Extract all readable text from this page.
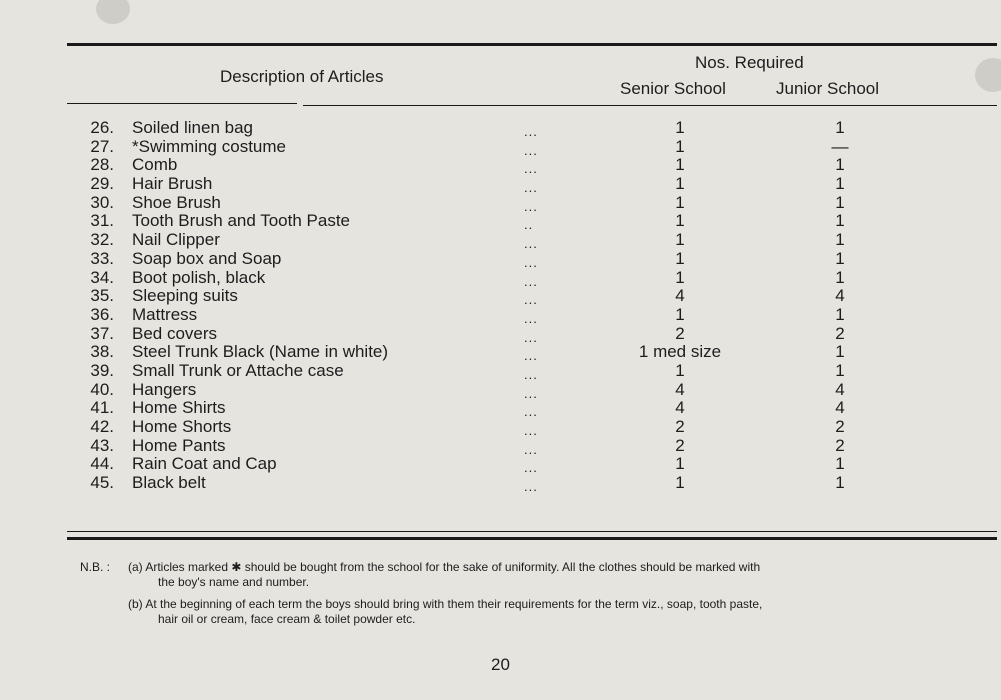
Description of Articles
Nos. Required
Senior School	Junior School
26. Soiled linen bag	...	1	1
27. *Swimming costume	...	1	—
28. Comb	...	1	1
29. Hair Brush	...	1	1
30. Shoe Brush	...	1	1
31. Tooth Brush and Tooth Paste	..	1	1
32. Nail Clipper	...	1	1
33. Soap box and Soap	...	1	1
34. Boot polish, black	...	1	1
35. Sleeping suits	...	4	4
36. Mattress	...	1	1
37. Bed covers	...	2	2
38. Steel Trunk Black (Name in white)	...	1 med size	1
39. Small Trunk or Attache case	...	1	1
40. Hangers	...	4	4
41. Home Shirts	...	4	4
42. Home Shorts	...	2	2
43. Home Pants	...	2	2
44. Rain Coat and Cap	...	1	1
45. Black belt	...	1	1
N.B. : (a) Articles marked ✱ should be bought from the school for the sake of uniformity. All the clothes should be marked with
the boy's name and number.
(b) At the beginning of each term the boys should bring with them their requirements for the term viz., soap, tooth paste,
hair oil or cream, face cream & toilet powder etc.
20
